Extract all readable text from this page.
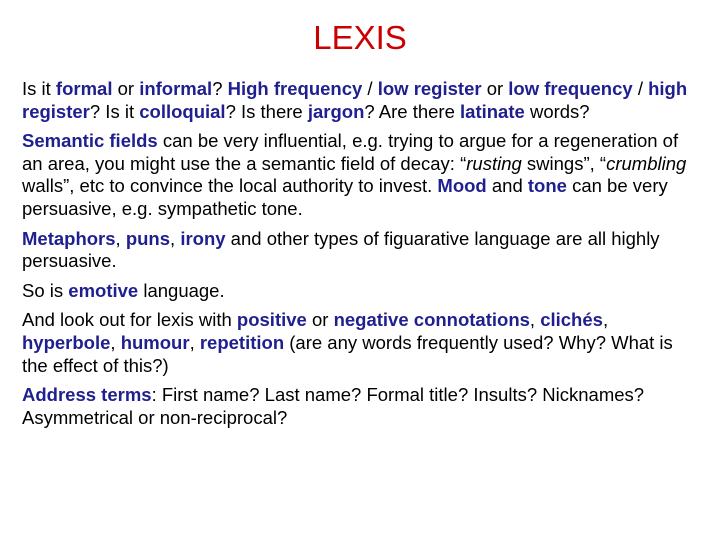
LEXIS

Is it formal or informal? High frequency / low register or low frequency / high register? Is it colloquial? Is there jargon? Are there latinate words?

Semantic fields can be very influential, e.g. trying to argue for a regeneration of an area, you might use the a semantic field of decay: “rusting swings”, “crumbling walls”, etc to convince the local authority to invest. Mood and tone can be very persuasive, e.g. sympathetic tone.

Metaphors, puns, irony and other types of figuarative language are all highly persuasive.

So is emotive language.

And look out for lexis with positive or negative connotations, clichés, hyperbole, humour, repetition (are any words frequently used? Why? What is the effect of this?)

Address terms: First name? Last name? Formal title? Insults? Nicknames? Asymmetrical or non-reciprocal?
